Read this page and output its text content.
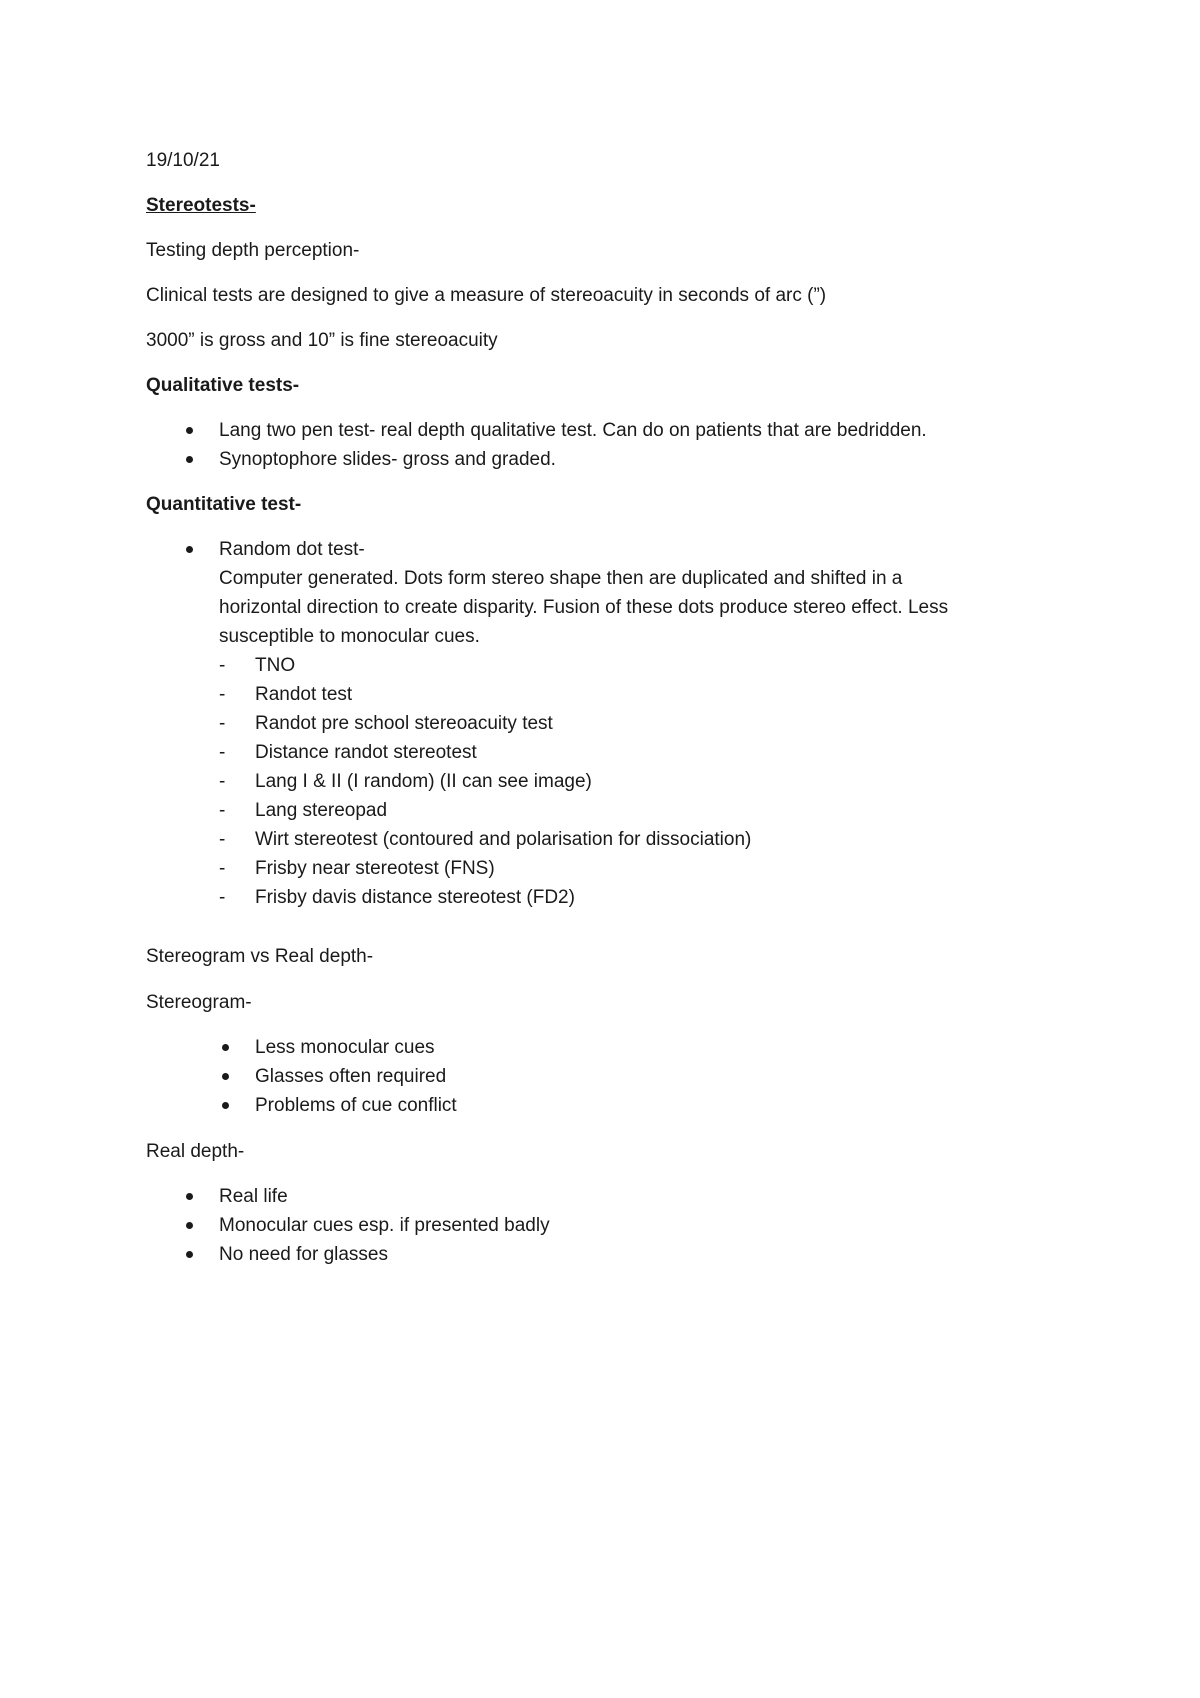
19/10/21

Stereotests-

Testing depth perception-

Clinical tests are designed to give a measure of stereoacuity in seconds of arc (”)

3000” is gross and 10” is fine stereoacuity

Qualitative tests-

Lang two pen test- real depth qualitative test. Can do on patients that are bedridden.
Synoptophore slides- gross and graded.

Quantitative test-

Random dot test-
Computer generated. Dots form stereo shape then are duplicated and shifted in a horizontal direction to create disparity. Fusion of these dots produce stereo effect. Less susceptible to monocular cues.
- TNO
- Randot test
- Randot pre school stereoacuity test
- Distance randot stereotest
- Lang I & II (I random) (II can see image)
- Lang stereopad
- Wirt stereotest (contoured and polarisation for dissociation)
- Frisby near stereotest (FNS)
- Frisby davis distance stereotest (FD2)

Stereogram vs Real depth-

Stereogram-

Less monocular cues
Glasses often required
Problems of cue conflict

Real depth-

Real life
Monocular cues esp. if presented badly
No need for glasses
